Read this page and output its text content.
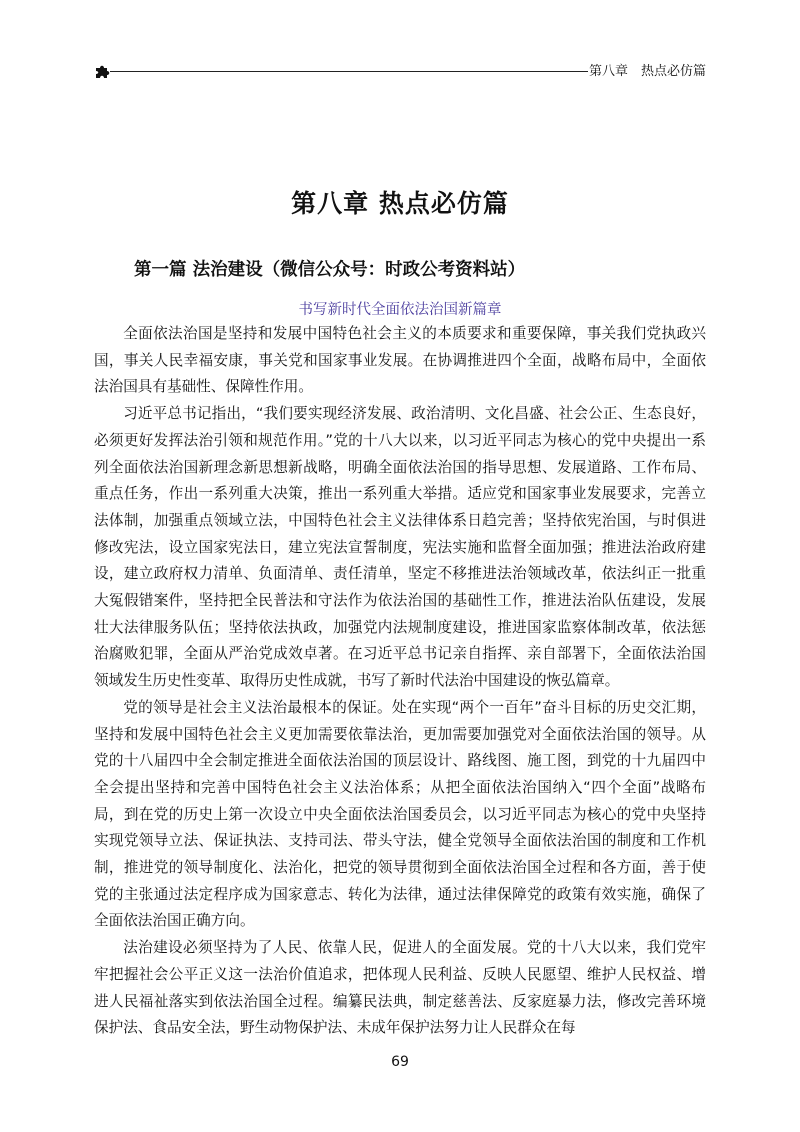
第八章　热点必仿篇
第八章 热点必仿篇
第一篇 法治建设（微信公众号：时政公考资料站）
书写新时代全面依法治国新篇章

全面依法治国是坚持和发展中国特色社会主义的本质要求和重要保障，事关我们党执政兴国，事关人民幸福安康，事关党和国家事业发展。在协调推进四个全面，战略布局中，全面依法治国具有基础性、保障性作用。

习近平总书记指出，“我们要实现经济发展、政治清明、文化昌盛、社会公正、生态良好，必须更好发挥法治引领和规范作用。”党的十八大以来，以习近平同志为核心的党中央提出一系列全面依法治国新理念新思想新战略，明确全面依法治国的指导思想、发展道路、工作布局、重点任务，作出一系列重大决策，推出一系列重大举措。适应党和国家事业发展要求，完善立法体制，加强重点领域立法，中国特色社会主义法律体系日趋完善；坚持依宪治国，与时俱进修改宪法，设立国家宪法日，建立宪法宣誓制度，宪法实施和监督全面加强；推进法治政府建设，建立政府权力清单、负面清单、责任清单，坚定不移推进法治领域改革，依法纠正一批重大冤假错案件，坚持把全民普法和守法作为依法治国的基础性工作，推进法治队伍建设，发展壮大法律服务队伍；坚持依法执政，加强党内法规制度建设，推进国家监察体制改革，依法惩治腐败犯罪，全面从严治党成效卓著。在习近平总书记亲自指挥、亲自部署下，全面依法治国领域发生历史性变革、取得历史性成就，书写了新时代法治中国建设的恢弘篇章。

党的领导是社会主义法治最根本的保证。处在实现“两个一百年”奋斗目标的历史交汇期，坚持和发展中国特色社会主义更加需要依靠法治，更加需要加强党对全面依法治国的领导。从党的十八届四中全会制定推进全面依法治国的顶层设计、路线图、施工图，到党的十九届四中全会提出坚持和完善中国特色社会主义法治体系；从把全面依法治国纳入“四个全面”战略布局，到在党的历史上第一次设立中央全面依法治国委员会，以习近平同志为核心的党中央坚持实现党领导立法、保证执法、支持司法、带头守法，健全党领导全面依法治国的制度和工作机制，推进党的领导制度化、法治化，把党的领导贯彻到全面依法治国全过程和各方面，善于使党的主张通过法定程序成为国家意志、转化为法律，通过法律保障党的政策有效实施，确保了全面依法治国正确方向。

法治建设必须坚持为了人民、依靠人民，促进人的全面发展。党的十八大以来，我们党牢牢把握社会公平正义这一法治价值追求，把体现人民利益、反映人民愿望、维护人民权益、增进人民福祉落实到依法治国全过程。编纂民法典，制定慈善法、反家庭暴力法，修改完善环境保护法、食品安全法，野生动物保护法、未成年保护法努力让人民群众在每

69
